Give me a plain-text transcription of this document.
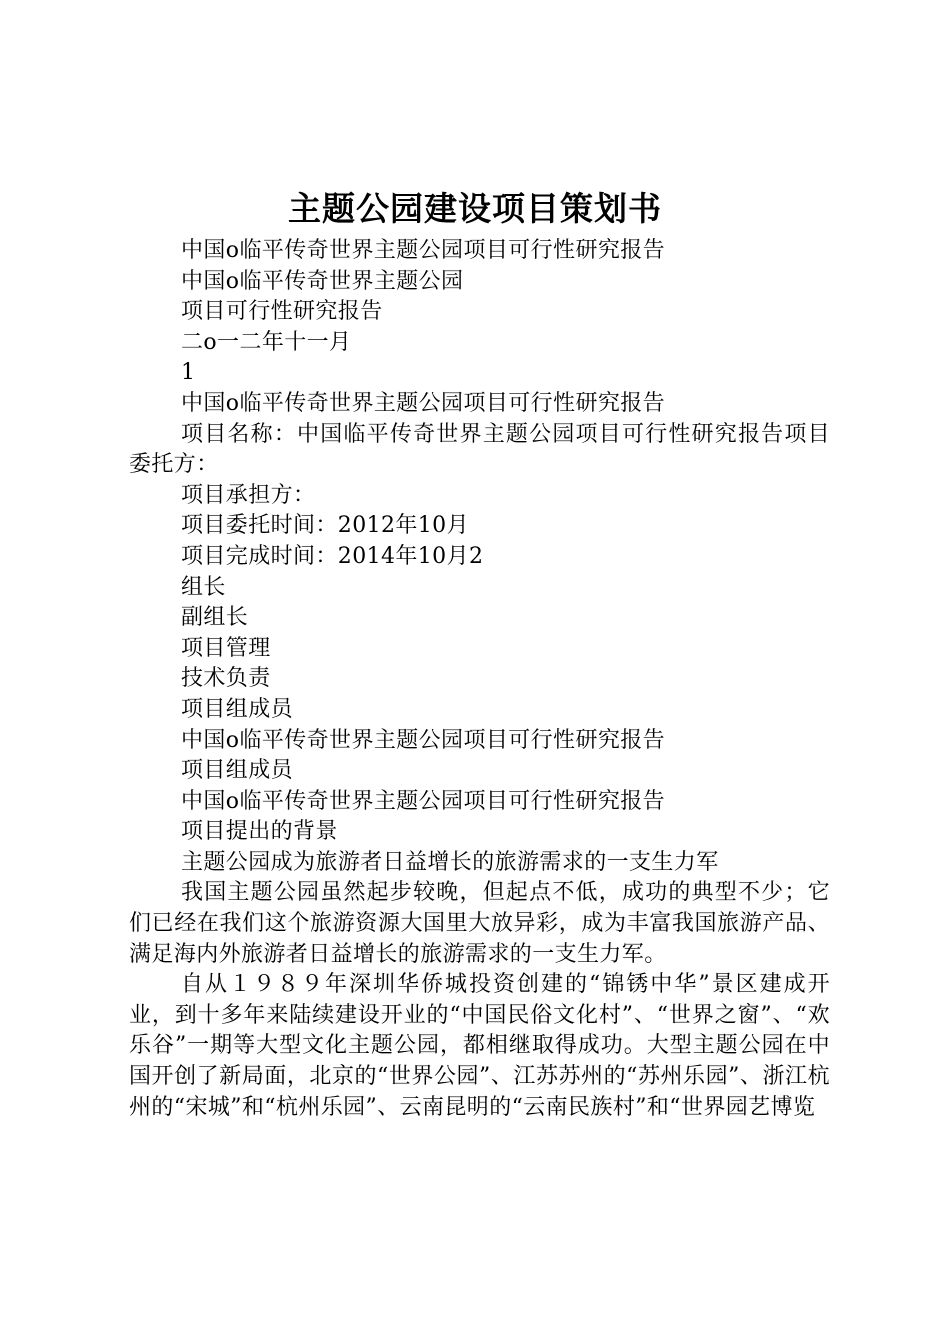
主题公园建设项目策划书

中国o临平传奇世界主题公园项目可行性研究报告

中国o临平传奇世界主题公园

项目可行性研究报告

二o一二年十一月

1

中国o临平传奇世界主题公园项目可行性研究报告

项目名称：中国临平传奇世界主题公园项目可行性研究报告项目委托方：

项目承担方：

项目委托时间：2012年10月

项目完成时间：2014年10月2

组长

副组长

项目管理

技术负责

项目组成员

中国o临平传奇世界主题公园项目可行性研究报告

项目组成员

中国o临平传奇世界主题公园项目可行性研究报告

项目提出的背景

主题公园成为旅游者日益增长的旅游需求的一支生力军

我国主题公园虽然起步较晚，但起点不低，成功的典型不少；它们已经在我们这个旅游资源大国里大放异彩，成为丰富我国旅游产品、满足海内外旅游者日益增长的旅游需求的一支生力军。

自从１９８９年深圳华侨城投资创建的“锦锈中华”景区建成开业，到十多年来陆续建设开业的“中国民俗文化村”、“世界之窗”、“欢乐谷”一期等大型文化主题公园，都相继取得成功。大型主题公园在中国开创了新局面，北京的“世界公园”、江苏苏州的“苏州乐园”、浙江杭州的“宋城”和“杭州乐园”、云南昆明的“云南民族村”和“世界园艺博览
